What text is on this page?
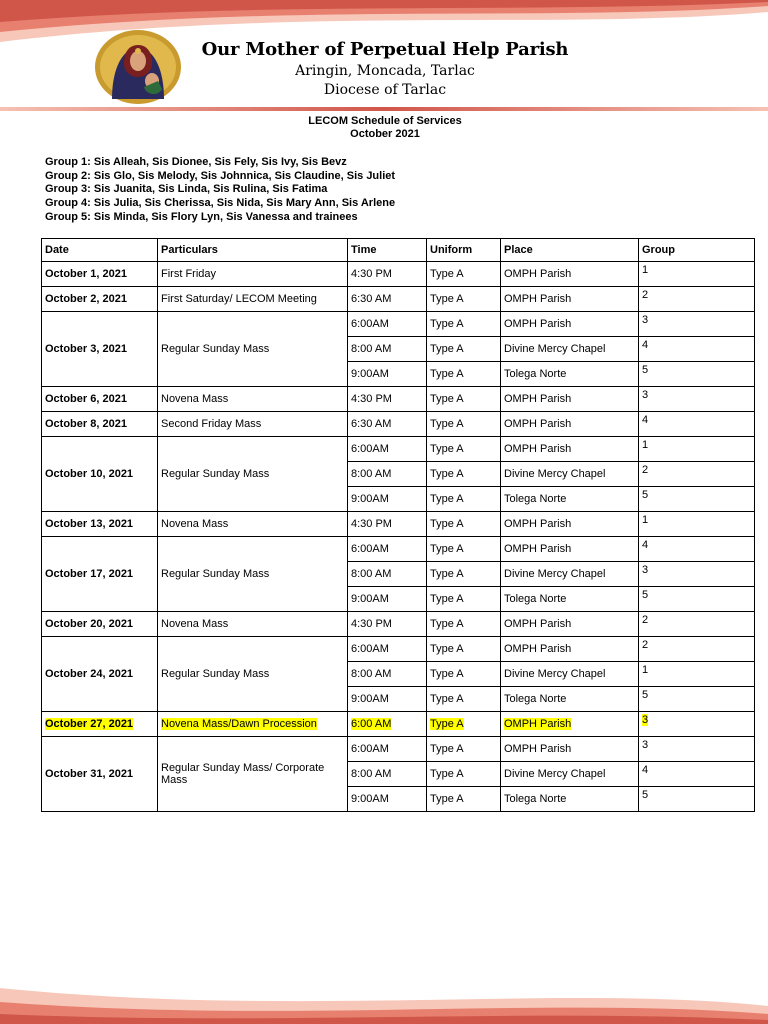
Our Mother of Perpetual Help Parish
Aringin, Moncada, Tarlac
Diocese of Tarlac
LECOM Schedule of Services
October 2021
Group 1: Sis Alleah, Sis Dionee, Sis Fely, Sis Ivy, Sis Bevz
Group 2: Sis Glo, Sis Melody, Sis Johnnica, Sis Claudine, Sis Juliet
Group 3: Sis Juanita, Sis Linda, Sis Rulina, Sis Fatima
Group 4: Sis Julia, Sis Cherissa, Sis Nida, Sis Mary Ann, Sis Arlene
Group 5: Sis Minda, Sis Flory Lyn, Sis Vanessa and trainees
Date	Particulars	Time	Uniform	Place	Group
October 1, 2021	First Friday	4:30 PM	Type A	OMPH Parish	1
October 2, 2021	First Saturday/ LECOM Meeting	6:30 AM	Type A	OMPH Parish	2
October 3, 2021	Regular Sunday Mass	6:00AM	Type A	OMPH Parish	3
		8:00 AM	Type A	Divine Mercy Chapel	4
		9:00AM	Type A	Tolega Norte	5
October 6, 2021	Novena Mass	4:30 PM	Type A	OMPH Parish	3
October 8, 2021	Second Friday Mass	6:30 AM	Type A	OMPH Parish	4
October 10, 2021	Regular Sunday Mass	6:00AM	Type A	OMPH Parish	1
		8:00 AM	Type A	Divine Mercy Chapel	2
		9:00AM	Type A	Tolega Norte	5
October 13, 2021	Novena Mass	4:30 PM	Type A	OMPH Parish	1
October 17, 2021	Regular Sunday Mass	6:00AM	Type A	OMPH Parish	4
		8:00 AM	Type A	Divine Mercy Chapel	3
		9:00AM	Type A	Tolega Norte	5
October 20, 2021	Novena Mass	4:30 PM	Type A	OMPH Parish	2
October 24, 2021	Regular Sunday Mass	6:00AM	Type A	OMPH Parish	2
		8:00 AM	Type A	Divine Mercy Chapel	1
		9:00AM	Type A	Tolega Norte	5
October 27, 2021	Novena Mass/Dawn Procession	6:00 AM	Type A	OMPH Parish	3
October 31, 2021	Regular Sunday Mass/ Corporate Mass	6:00AM	Type A	OMPH Parish	3
		8:00 AM	Type A	Divine Mercy Chapel	4
		9:00AM	Type A	Tolega Norte	5
